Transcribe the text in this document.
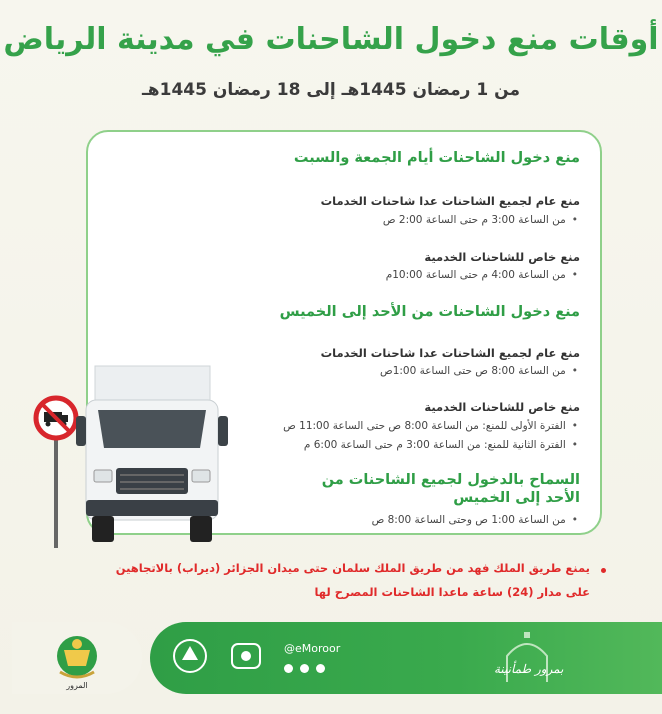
أوقات منع دخول الشاحنات في مدينة الرياض
من 1 رمضان 1445هـ إلى 18 رمضان 1445هـ
منع دخول الشاحنات أيام الجمعة والسبت
منع عام لجميع الشاحنات عدا شاحنات الخدمات
• من الساعة 3:00 م حتى الساعة 2:00 ص
منع خاص للشاحنات الخدمية
• من الساعة 4:00 م حتى الساعة 10:00م
منع دخول الشاحنات من الأحد إلى الخميس
منع عام لجميع الشاحنات عدا شاحنات الخدمات
• من الساعة 8:00 ص حتى الساعة 1:00ص
منع خاص للشاحنات الخدمية
• الفترة الأولى للمنع: من الساعة 8:00 ص حتى الساعة 11:00 ص
• الفترة الثانية للمنع: من الساعة 3:00 م حتى الساعة 6:00 م
السماح بالدخول لجميع الشاحنات من
الأحد إلى الخميس
• من الساعة 1:00 ص وحتى الساعة 8:00 ص
يمنع طريق الملك فهد من طريق الملك سلمان حتى ميدان الجزائر (ديراب) بالاتجاهين
على مدار (24) ساعة ماعدا الشاحنات المصرح لها
المرور
@eMoroor

بمرور طمأنينة
